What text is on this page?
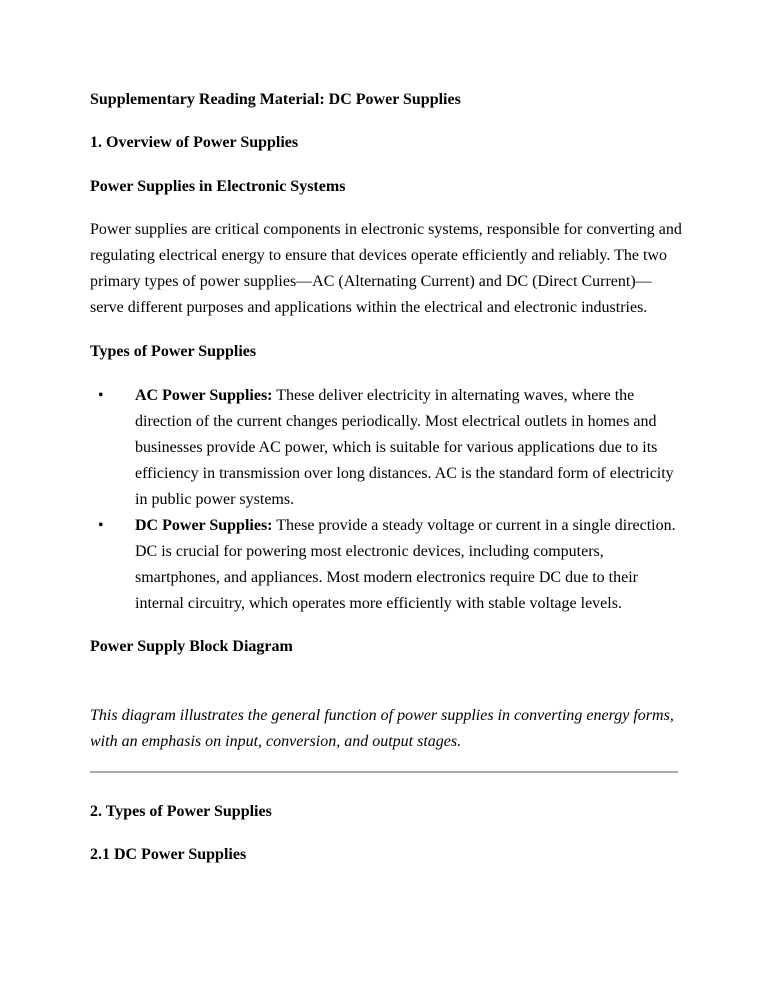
Supplementary Reading Material: DC Power Supplies
1. Overview of Power Supplies
Power Supplies in Electronic Systems

Power supplies are critical components in electronic systems, responsible for converting and regulating electrical energy to ensure that devices operate efficiently and reliably. The two primary types of power supplies—AC (Alternating Current) and DC (Direct Current)—serve different purposes and applications within the electrical and electronic industries.

Types of Power Supplies
• AC Power Supplies: These deliver electricity in alternating waves, where the direction of the current changes periodically. Most electrical outlets in homes and businesses provide AC power, which is suitable for various applications due to its efficiency in transmission over long distances. AC is the standard form of electricity in public power systems.
• DC Power Supplies: These provide a steady voltage or current in a single direction. DC is crucial for powering most electronic devices, including computers, smartphones, and appliances. Most modern electronics require DC due to their internal circuitry, which operates more efficiently with stable voltage levels.
Power Supply Block Diagram

This diagram illustrates the general function of power supplies in converting energy forms, with an emphasis on input, conversion, and output stages.

2. Types of Power Supplies
2.1 DC Power Supplies
